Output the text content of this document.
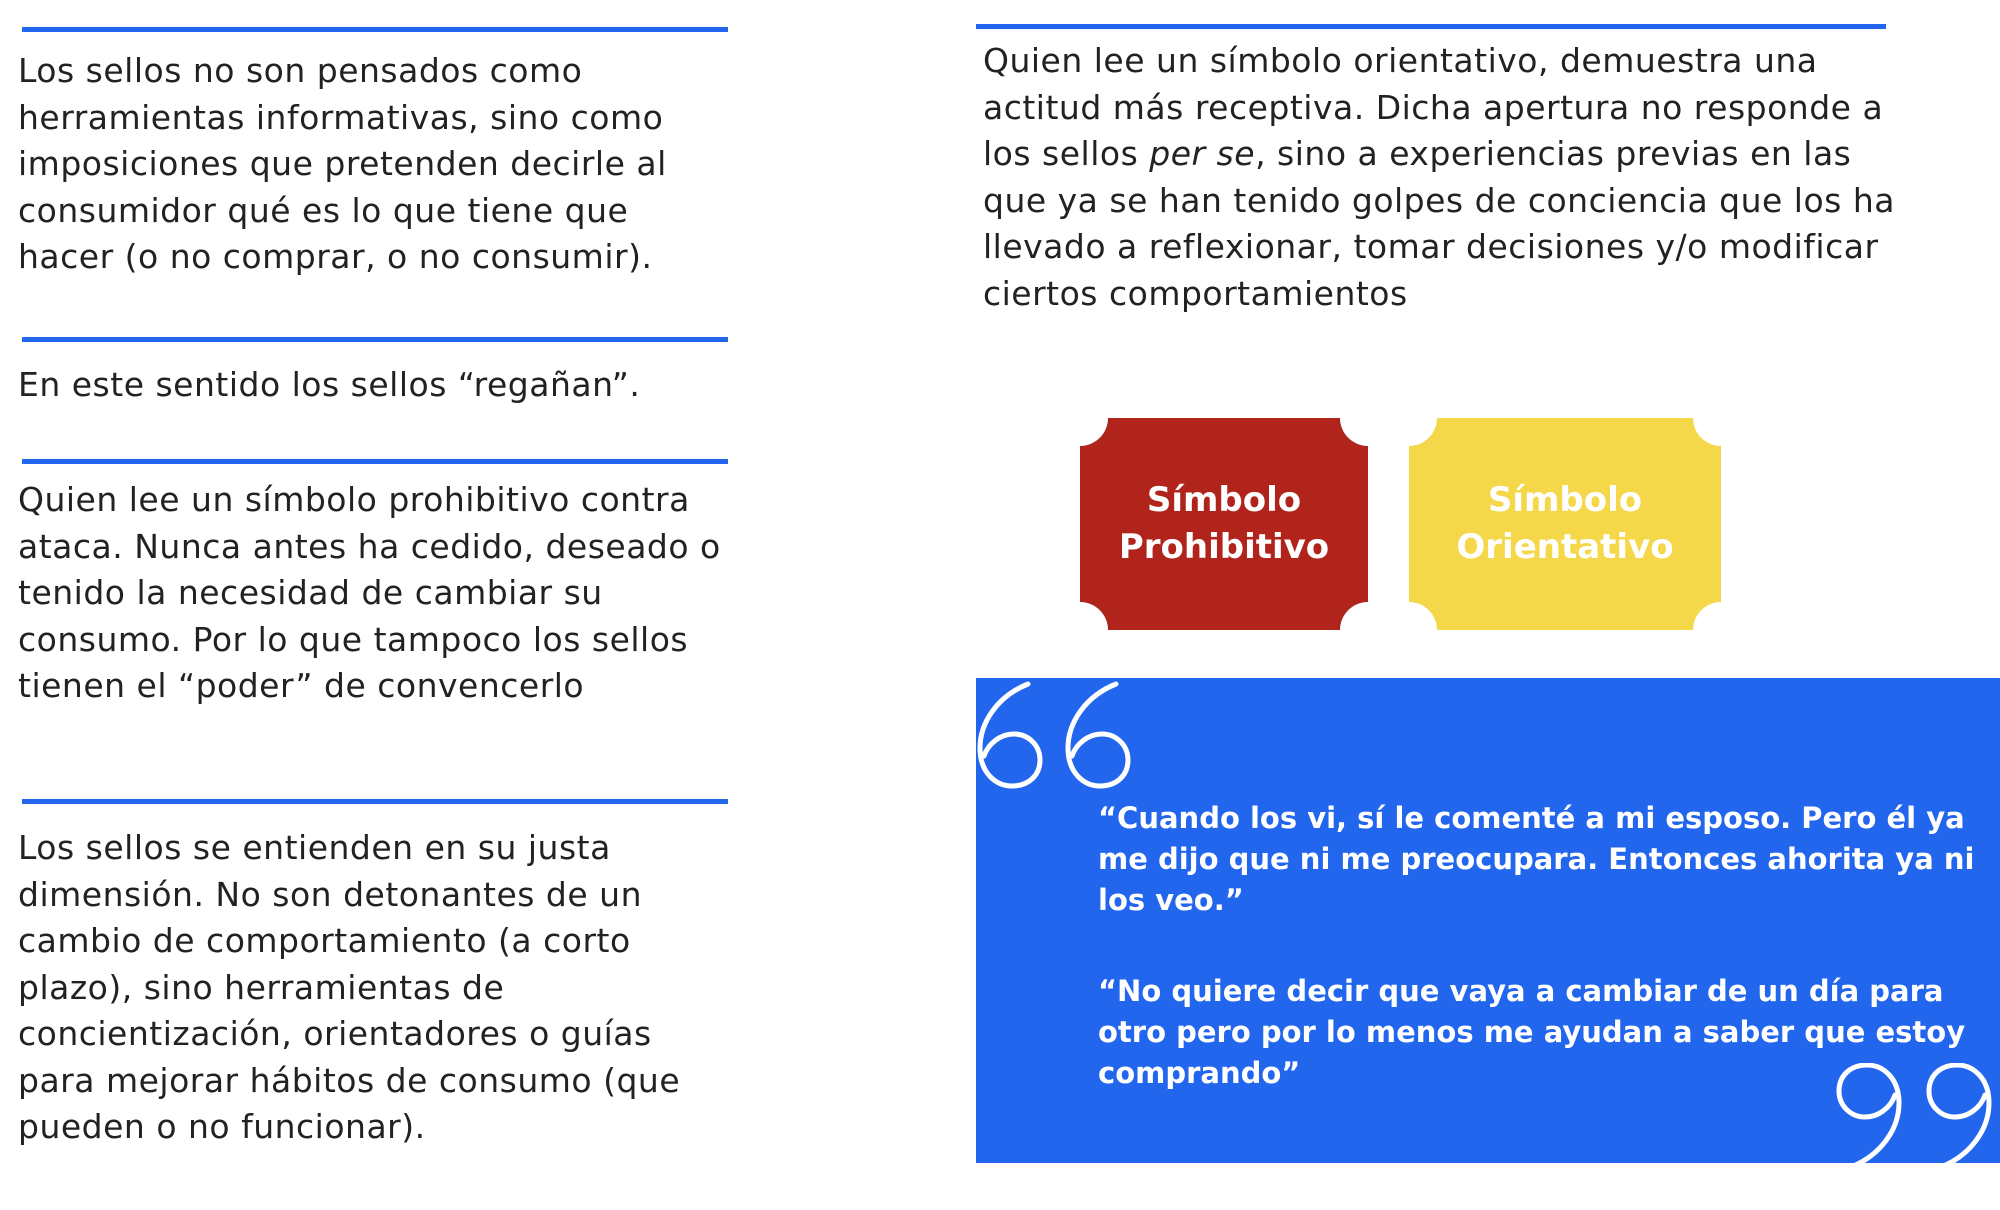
Los sellos no son pensados como herramientas informativas, sino como imposiciones que pretenden decirle al consumidor qué es lo que tiene que hacer (o no comprar, o no consumir).

En este sentido los sellos “regañan”.

Quien lee un símbolo prohibitivo contra ataca. Nunca antes ha cedido, deseado o tenido la necesidad de cambiar su consumo. Por lo que tampoco los sellos tienen el “poder” de convencerlo

Los sellos se entienden en su justa dimensión. No son detonantes de un cambio de comportamiento (a corto plazo), sino herramientas de concientización, orientadores o guías para mejorar hábitos de consumo (que pueden o no funcionar).

Quien lee un símbolo orientativo, demuestra una actitud más receptiva. Dicha apertura no responde a los sellos per se, sino a experiencias previas en las que ya se han tenido golpes de conciencia que los ha llevado a reflexionar, tomar decisiones y/o modificar ciertos comportamientos

Símbolo
Prohibitivo
Símbolo
Orientativo

“Cuando los vi, sí le comenté a mi esposo. Pero él ya me dijo que ni me preocupara. Entonces ahorita ya ni los veo.”

“No quiere decir que vaya a cambiar de un día para otro pero por lo menos me ayudan a saber que estoy comprando”
